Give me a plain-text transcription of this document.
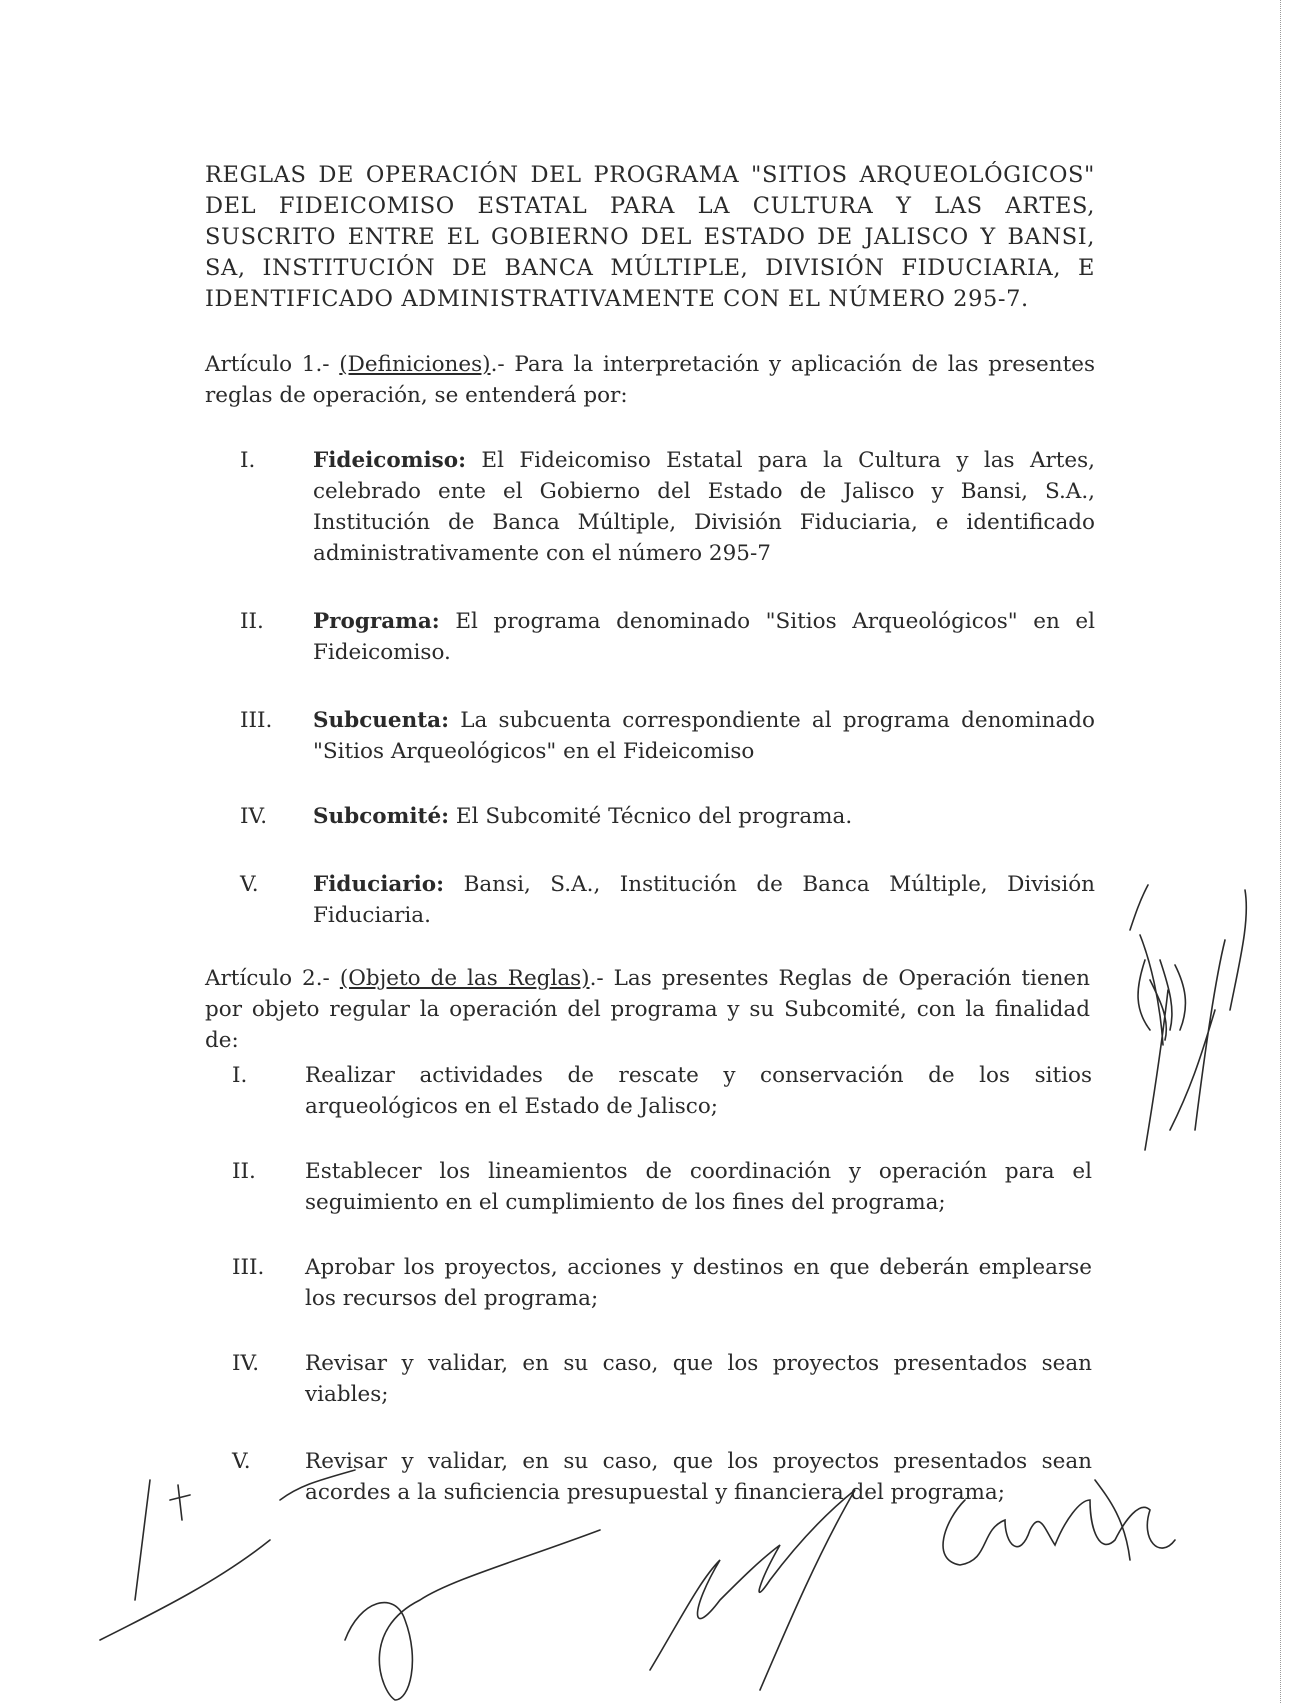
REGLAS DE OPERACIÓN DEL PROGRAMA "SITIOS ARQUEOLÓGICOS"
DEL FIDEICOMISO ESTATAL PARA LA CULTURA Y LAS ARTES,
SUSCRITO ENTRE EL GOBIERNO DEL ESTADO DE JALISCO Y BANSI,
SA, INSTITUCIÓN DE BANCA MÚLTIPLE, DIVISIÓN FIDUCIARIA, E
IDENTIFICADO ADMINISTRATIVAMENTE CON EL NÚMERO 295-7.

Artículo 1.- (Definiciones).- Para la interpretación y aplicación de las presentes reglas de operación, se entenderá por:

I.	Fideicomiso: El Fideicomiso Estatal para la Cultura y las Artes, celebrado ente el Gobierno del Estado de Jalisco y Bansi, S.A., Institución de Banca Múltiple, División Fiduciaria, e identificado administrativamente con el número 295-7
II. Programa: El programa denominado "Sitios Arqueológicos" en el Fideicomiso.
III. Subcuenta: La subcuenta correspondiente al programa denominado "Sitios Arqueológicos" en el Fideicomiso
IV. Subcomité: El Subcomité Técnico del programa.
V.	Fiduciario: Bansi, S.A., Institución de Banca Múltiple, División Fiduciaria.

Artículo 2.- (Objeto de las Reglas).- Las presentes Reglas de Operación tienen por objeto regular la operación del programa y su Subcomité, con la finalidad de:

I.	Realizar actividades de rescate y conservación de los sitios arqueológicos en el Estado de Jalisco;
II. Establecer los lineamientos de coordinación y operación para el seguimiento en el cumplimiento de los fines del programa;
III. Aprobar los proyectos, acciones y destinos en que deberán emplearse los recursos del programa;
IV. Revisar y validar, en su caso, que los proyectos presentados sean viables;
V.	Revisar y validar, en su caso, que los proyectos presentados sean acordes a la suficiencia presupuestal y financiera del programa;
